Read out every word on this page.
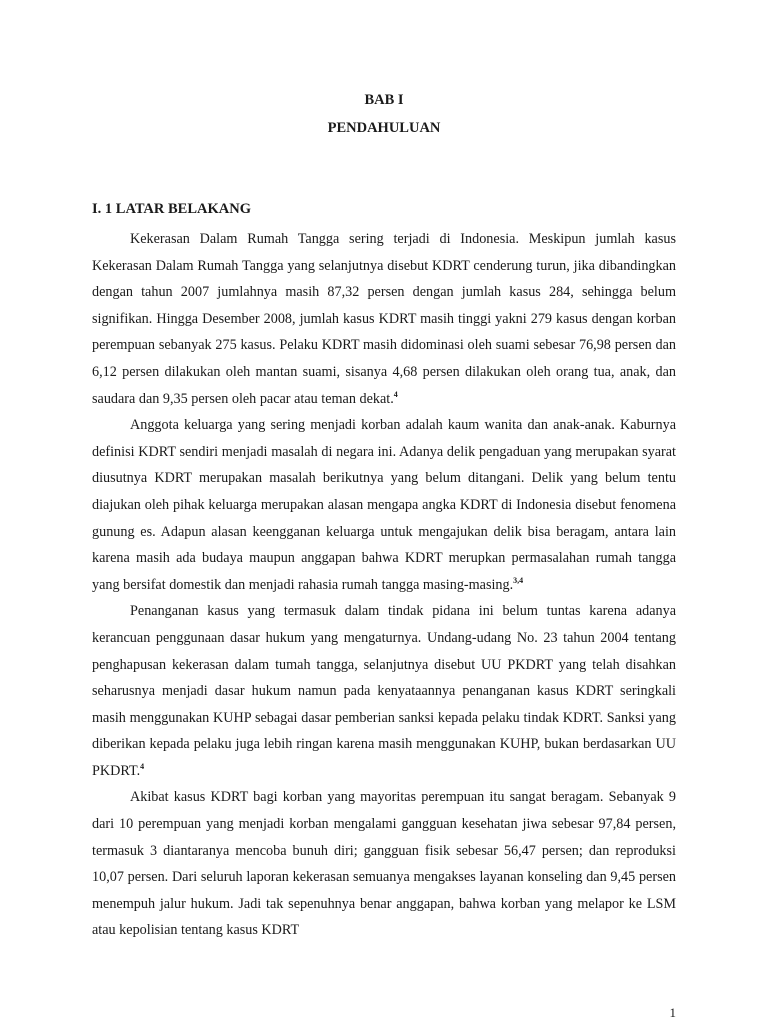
BAB I
PENDAHULUAN
I. 1 LATAR BELAKANG

Kekerasan Dalam Rumah Tangga sering terjadi di Indonesia. Meskipun jumlah kasus Kekerasan Dalam Rumah Tangga yang selanjutnya disebut KDRT cenderung turun, jika dibandingkan dengan tahun 2007 jumlahnya masih 87,32 persen dengan jumlah kasus 284, sehingga belum signifikan. Hingga Desember 2008, jumlah kasus KDRT masih tinggi yakni 279 kasus dengan korban perempuan sebanyak 275 kasus. Pelaku KDRT masih didominasi oleh suami sebesar 76,98 persen dan 6,12 persen dilakukan oleh mantan suami, sisanya 4,68 persen dilakukan oleh orang tua, anak, dan saudara dan 9,35 persen oleh pacar atau teman dekat.$^4$

Anggota keluarga yang sering menjadi korban adalah kaum wanita dan anak-anak. Kaburnya definisi KDRT sendiri menjadi masalah di negara ini. Adanya delik pengaduan yang merupakan syarat diusutnya KDRT merupakan masalah berikutnya yang belum ditangani. Delik yang belum tentu diajukan oleh pihak keluarga merupakan alasan mengapa angka KDRT di Indonesia disebut fenomena gunung es. Adapun alasan keengganan keluarga untuk mengajukan delik bisa beragam, antara lain karena masih ada budaya maupun anggapan bahwa KDRT merupkan permasalahan rumah tangga yang bersifat domestik dan menjadi rahasia rumah tangga masing-masing.$^{3,4}$

Penanganan kasus yang termasuk dalam tindak pidana ini belum tuntas karena adanya kerancuan penggunaan dasar hukum yang mengaturnya. Undang-udang No. 23 tahun 2004 tentang penghapusan kekerasan dalam tumah tangga, selanjutnya disebut UU PKDRT yang telah disahkan seharusnya menjadi dasar hukum namun pada kenyataannya penanganan kasus KDRT seringkali masih menggunakan KUHP sebagai dasar pemberian sanksi kepada pelaku tindak KDRT. Sanksi yang diberikan kepada pelaku juga lebih ringan karena masih menggunakan KUHP, bukan berdasarkan UU PKDRT.$^4$

Akibat kasus KDRT bagi korban yang mayoritas perempuan itu sangat beragam. Sebanyak 9 dari 10 perempuan yang menjadi korban mengalami gangguan kesehatan jiwa sebesar 97,84 persen, termasuk 3 diantaranya mencoba bunuh diri; gangguan fisik sebesar 56,47 persen; dan reproduksi 10,07 persen. Dari seluruh laporan kekerasan semuanya mengakses layanan konseling dan 9,45 persen menempuh jalur hukum. Jadi tak sepenuhnya benar anggapan, bahwa korban yang melapor ke LSM atau kepolisian tentang kasus KDRT

1
